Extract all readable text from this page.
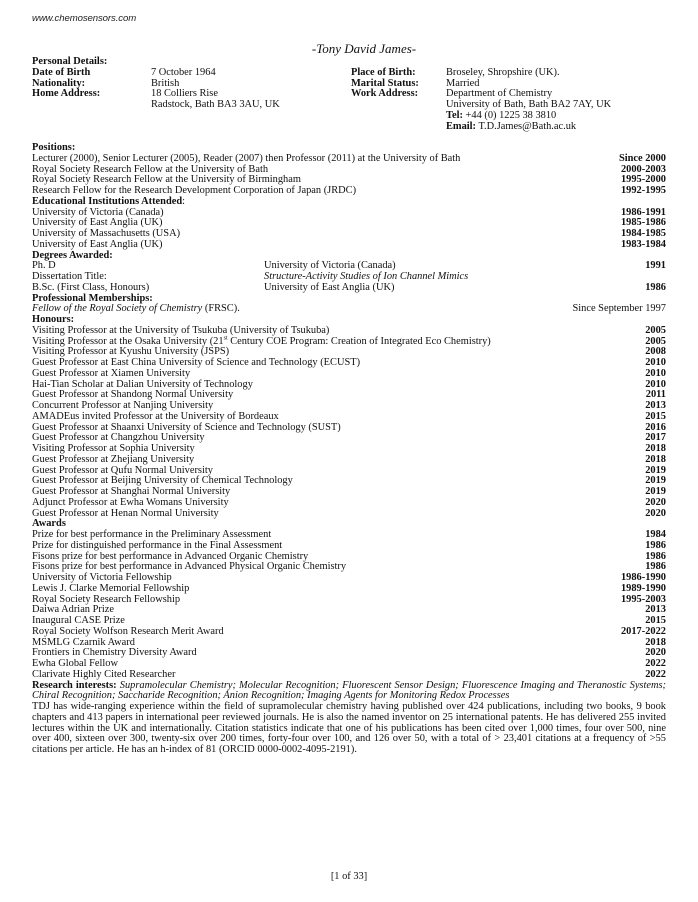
www.chemosensors.com
-Tony David James-
Personal Details:
Date of Birth	7 October 1964	Place of Birth:	Broseley, Shropshire (UK).
Nationality:	British	Marital Status:	Married
Home Address:	18 Colliers Rise
Radstock, Bath BA3 3AU, UK
Work Address:	Department of Chemistry
University of Bath, Bath BA2 7AY, UK
Tel: +44 (0) 1225 38 3810
Email: T.D.James@Bath.ac.uk
Positions:
Lecturer (2000), Senior Lecturer (2005), Reader (2007) then Professor (2011) at the University of Bath	Since 2000
Royal Society Research Fellow at the University of Bath	2000-2003
Royal Society Research Fellow at the University of Birmingham	1995-2000
Research Fellow for the Research Development Corporation of Japan (JRDC)	1992-1995
Educational Institutions Attended:
University of Victoria (Canada)	1986-1991
University of East Anglia (UK)	1985-1986
University of Massachusetts (USA)	1984-1985
University of East Anglia (UK)	1983-1984
Degrees Awarded:
Ph. D	University of Victoria (Canada)	1991
Dissertation Title:	Structure-Activity Studies of Ion Channel Mimics
B.Sc. (First Class, Honours)	University of East Anglia (UK)	1986
Professional Memberships:
Fellow of the Royal Society of Chemistry (FRSC).	Since September 1997
Honours:
Visiting Professor at the University of Tsukuba (University of Tsukuba)	2005
Visiting Professor at the Osaka University (21st Century COE Program: Creation of Integrated Eco Chemistry)	2005
Visiting Professor at Kyushu University (JSPS)	2008
Guest Professor at East China University of Science and Technology (ECUST)	2010
Guest Professor at Xiamen University	2010
Hai-Tian Scholar at Dalian University of Technology	2010
Guest Professor at Shandong Normal University	2011
Concurrent Professor at Nanjing University	2013
AMADEus invited Professor at the University of Bordeaux	2015
Guest Professor at Shaanxi University of Science and Technology (SUST)	2016
Guest Professor at Changzhou University	2017
Visiting Professor at Sophia University	2018
Guest Professor at Zhejiang University	2018
Guest Professor at Qufu Normal University	2019
Guest Professor at Beijing University of Chemical Technology	2019
Guest Professor at Shanghai Normal University	2019
Adjunct Professor at Ewha Womans University	2020
Guest Professor at Henan Normal University	2020
Awards
Prize for best performance in the Preliminary Assessment	1984
Prize for distinguished performance in the Final Assessment	1986
Fisons prize for best performance in Advanced Organic Chemistry	1986
Fisons prize for best performance in Advanced Physical Organic Chemistry	1986
University of Victoria Fellowship	1986-1990
Lewis J. Clarke Memorial Fellowship	1989-1990
Royal Society Research Fellowship	1995-2003
Daiwa Adrian Prize	2013
Inaugural CASE Prize	2015
Royal Society Wolfson Research Merit Award	2017-2022
MSMLG Czarnik Award	2018
Frontiers in Chemistry Diversity Award	2020
Ewha Global Fellow	2022
Clarivate Highly Cited Researcher	2022
Research interests: Supramolecular Chemistry; Molecular Recognition; Fluorescent Sensor Design; Fluorescence Imaging and Theranostic Systems; Chiral Recognition; Saccharide Recognition; Anion Recognition; Imaging Agents for Monitoring Redox Processes
TDJ has wide-ranging experience within the field of supramolecular chemistry having published over 424 publications, including two books, 9 book chapters and 413 papers in international peer reviewed journals. He is also the named inventor on 25 international patents. He has delivered 255 invited lectures within the UK and internationally. Citation statistics indicate that one of his publications has been cited over 1,000 times, four over 500, nine over 400, sixteen over 300, twenty-six over 200 times, forty-four over 100, and 126 over 50, with a total of > 23,401 citations at a frequency of >55 citations per article. He has an h-index of 81 (ORCID 0000-0002-4095-2191).
[1 of 33]
